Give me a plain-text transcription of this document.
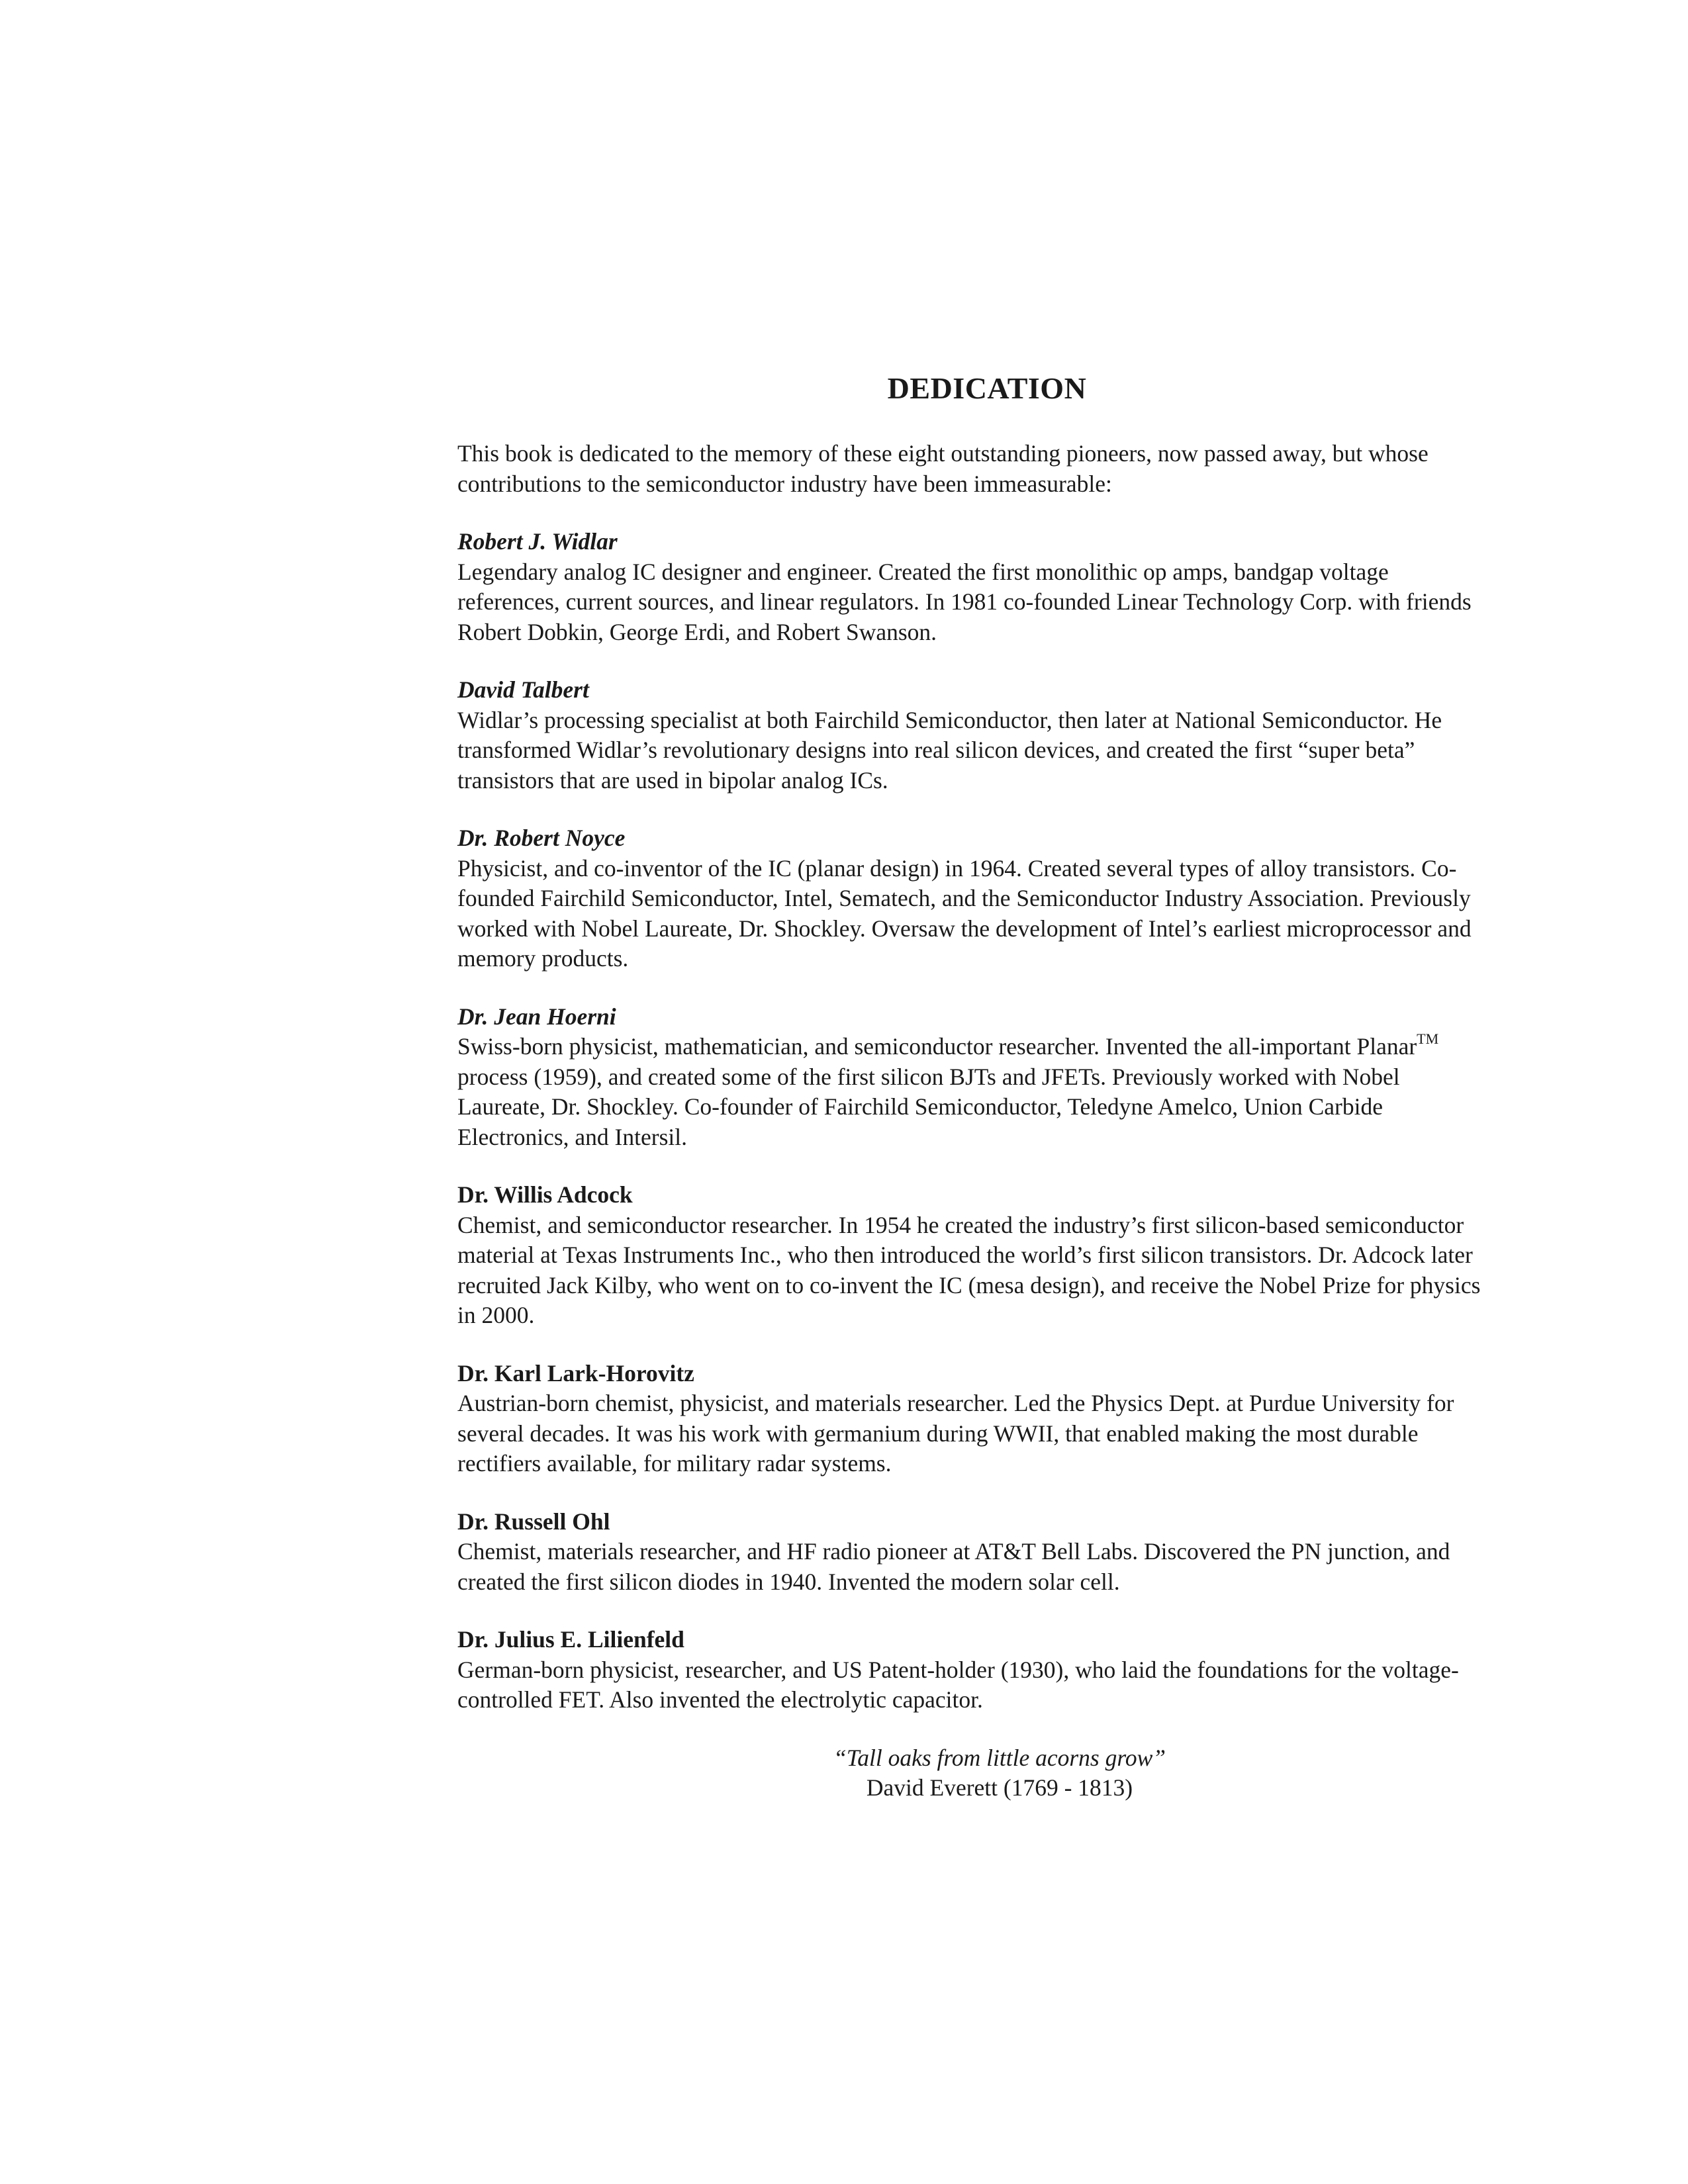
DEDICATION
This book is dedicated to the memory of these eight outstanding pioneers, now passed away, but whose contributions to the semiconductor industry have been immeasurable:
Robert J. Widlar
Legendary analog IC designer and engineer. Created the first monolithic op amps, bandgap voltage references, current sources, and linear regulators. In 1981 co-founded Linear Technology Corp. with friends Robert Dobkin, George Erdi, and Robert Swanson.
David Talbert
Widlar’s processing specialist at both Fairchild Semiconductor, then later at National Semiconductor. He transformed Widlar’s revolutionary designs into real silicon devices, and created the first “super beta” transistors that are used in bipolar analog ICs.
Dr. Robert Noyce
Physicist, and co-inventor of the IC (planar design) in 1964. Created several types of alloy transistors. Co-founded Fairchild Semiconductor, Intel, Sematech, and the Semiconductor Industry Association. Previously worked with Nobel Laureate, Dr. Shockley. Oversaw the development of Intel’s earliest microprocessor and memory products.
Dr. Jean Hoerni
Swiss-born physicist, mathematician, and semiconductor researcher. Invented the all-important Planar™ process (1959), and created some of the first silicon BJTs and JFETs. Previously worked with Nobel Laureate, Dr. Shockley. Co-founder of Fairchild Semiconductor, Teledyne Amelco, Union Carbide Electronics, and Intersil.
Dr. Willis Adcock
Chemist, and semiconductor researcher. In 1954 he created the industry’s first silicon-based semiconductor material at Texas Instruments Inc., who then introduced the world’s first silicon transistors. Dr. Adcock later recruited Jack Kilby, who went on to co-invent the IC (mesa design), and receive the Nobel Prize for physics in 2000.
Dr. Karl Lark-Horovitz
Austrian-born chemist, physicist, and materials researcher. Led the Physics Dept. at Purdue University for several decades. It was his work with germanium during WWII, that enabled making the most durable rectifiers available, for military radar systems.
Dr. Russell Ohl
Chemist, materials researcher, and HF radio pioneer at AT&T Bell Labs. Discovered the PN junction, and created the first silicon diodes in 1940. Invented the modern solar cell.
Dr. Julius E. Lilienfeld
German-born physicist, researcher, and US Patent-holder (1930), who laid the foundations for the voltage-controlled FET. Also invented the electrolytic capacitor.
“Tall oaks from little acorns grow”
David Everett (1769 - 1813)
